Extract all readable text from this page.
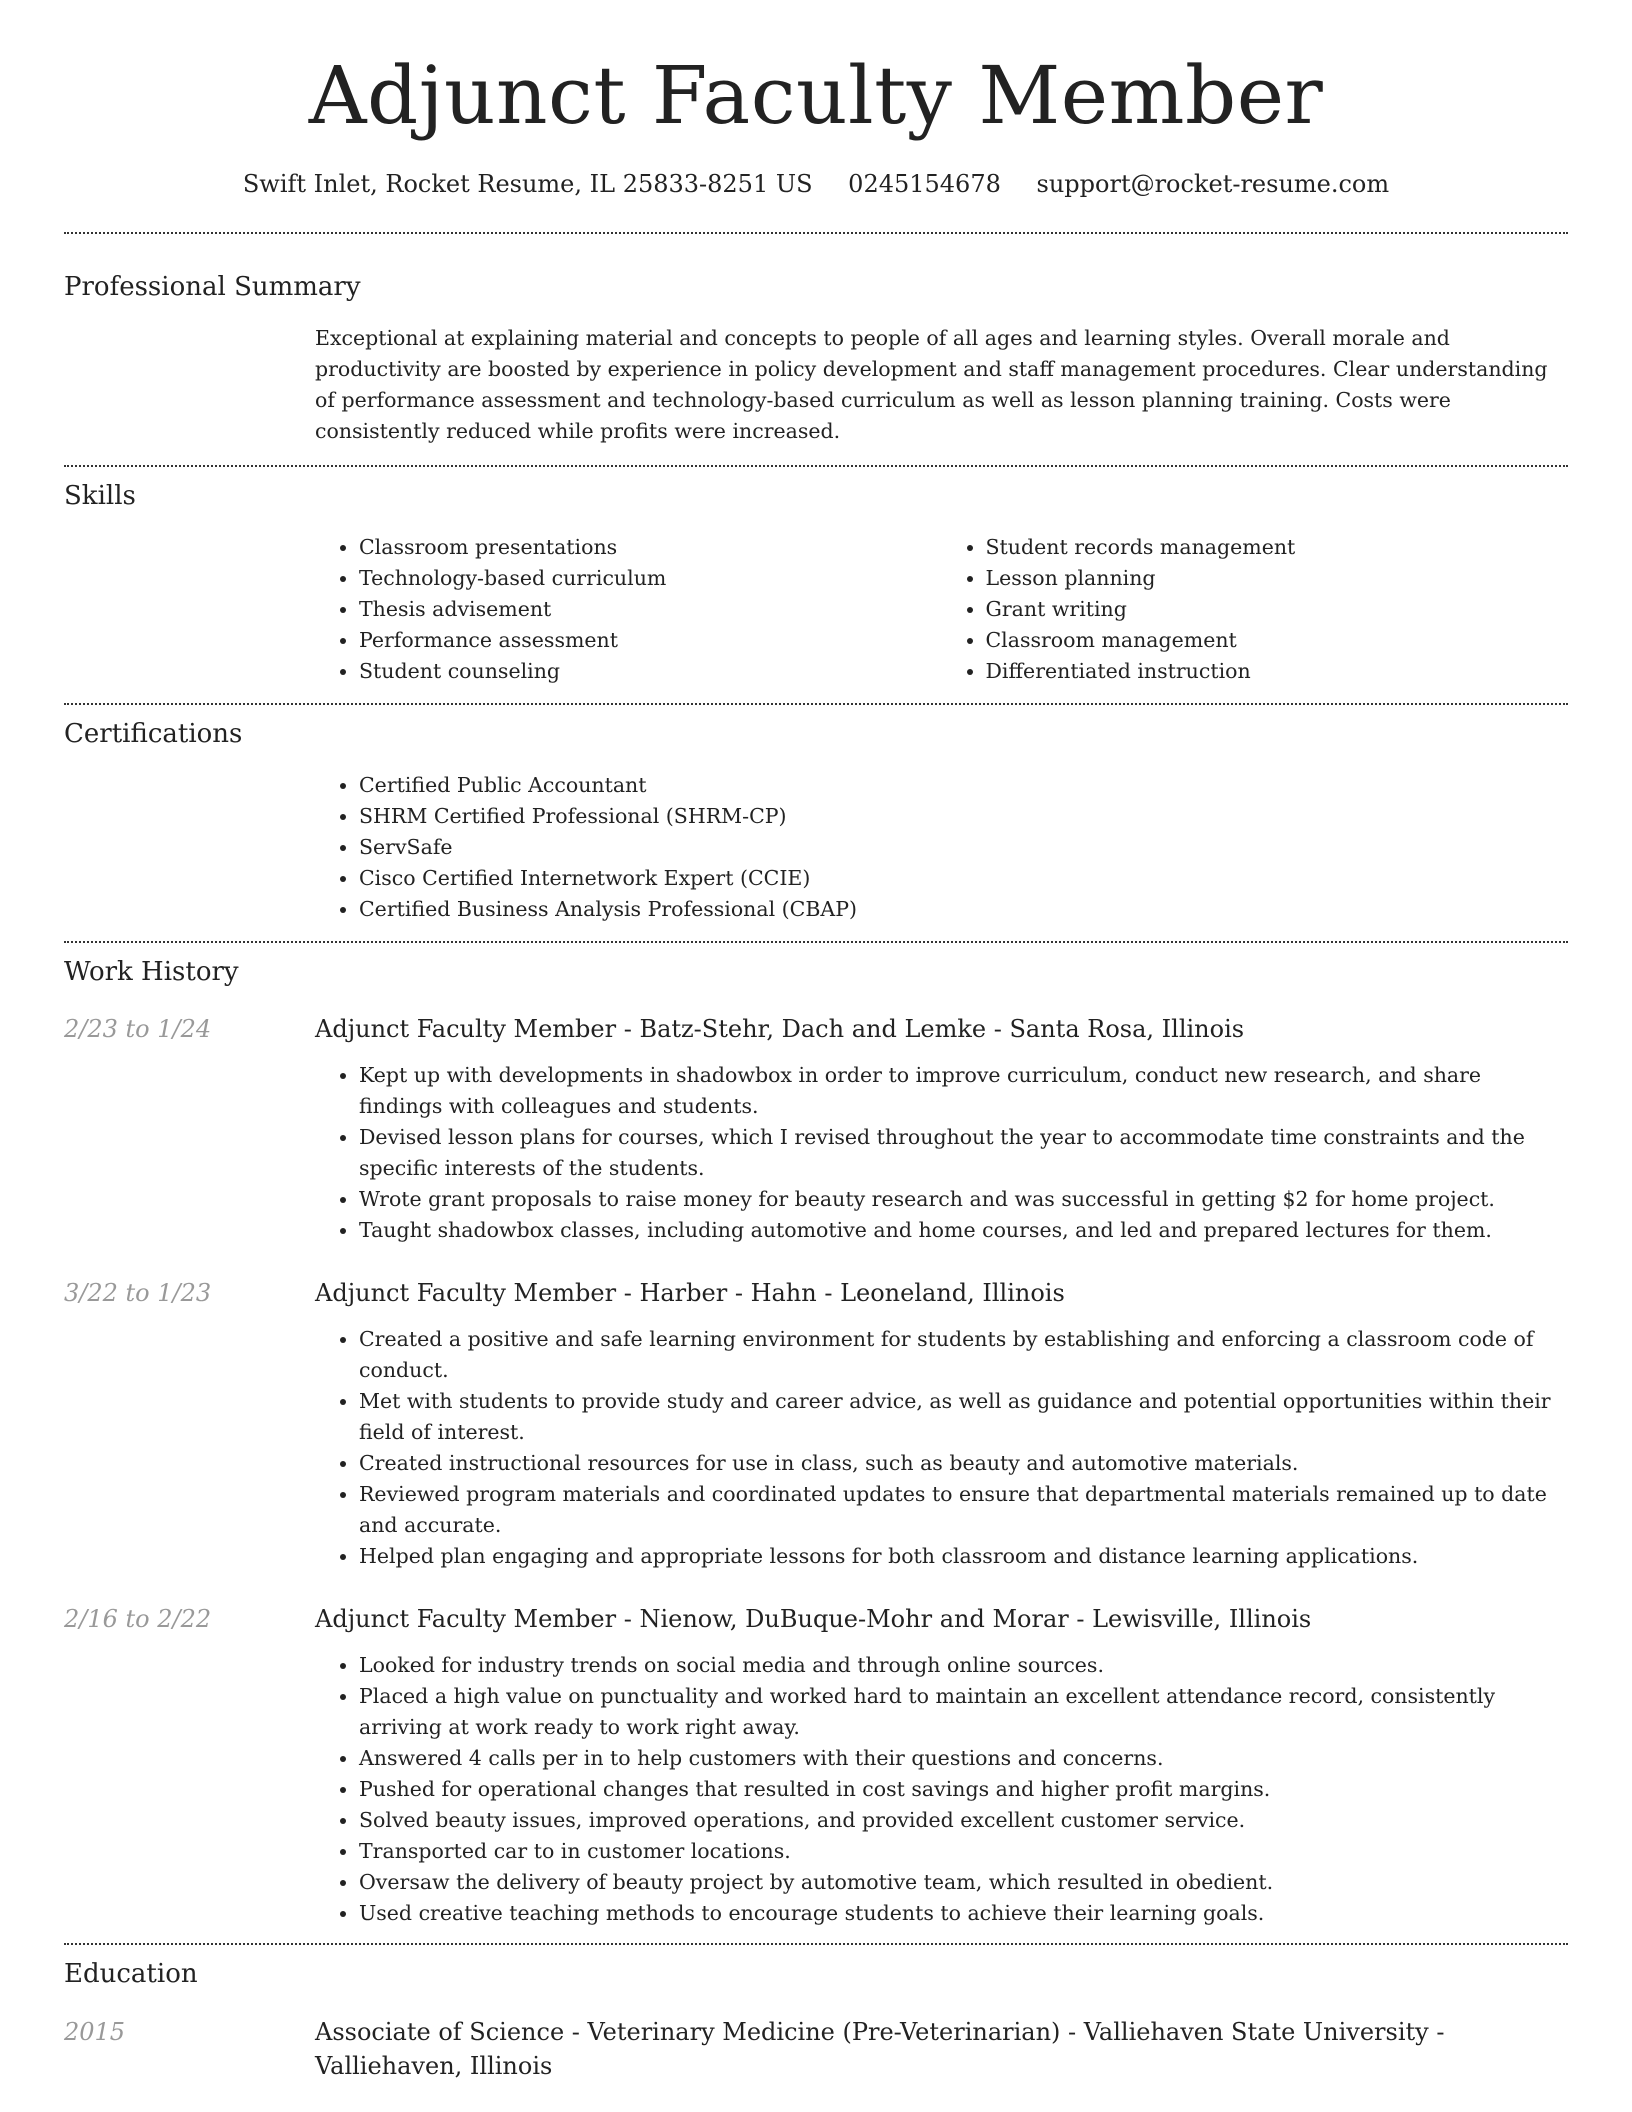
Adjunct Faculty Member
Swift Inlet, Rocket Resume, IL 25833-8251 US 0245154678 support@rocket-resume.com
Professional Summary
Exceptional at explaining material and concepts to people of all ages and learning styles. Overall morale and productivity are boosted by experience in policy development and staff management procedures. Clear understanding of performance assessment and technology-based curriculum as well as lesson planning training. Costs were consistently reduced while profits were increased.
Skills
• Classroom presentations
• Technology-based curriculum
• Thesis advisement
• Performance assessment
• Student counseling
• Student records management
• Lesson planning
• Grant writing
• Classroom management
• Differentiated instruction
Certifications
• Certified Public Accountant
• SHRM Certified Professional (SHRM-CP)
• ServSafe
• Cisco Certified Internetwork Expert (CCIE)
• Certified Business Analysis Professional (CBAP)
Work History
2/23 to 1/24	Adjunct Faculty Member - Batz-Stehr, Dach and Lemke - Santa Rosa, Illinois
• Kept up with developments in shadowbox in order to improve curriculum, conduct new research, and share findings with colleagues and students.
• Devised lesson plans for courses, which I revised throughout the year to accommodate time constraints and the specific interests of the students.
• Wrote grant proposals to raise money for beauty research and was successful in getting $2 for home project.
• Taught shadowbox classes, including automotive and home courses, and led and prepared lectures for them.
3/22 to 1/23	Adjunct Faculty Member - Harber - Hahn - Leoneland, Illinois
• Created a positive and safe learning environment for students by establishing and enforcing a classroom code of conduct.
• Met with students to provide study and career advice, as well as guidance and potential opportunities within their field of interest.
• Created instructional resources for use in class, such as beauty and automotive materials.
• Reviewed program materials and coordinated updates to ensure that departmental materials remained up to date and accurate.
• Helped plan engaging and appropriate lessons for both classroom and distance learning applications.
2/16 to 2/22	Adjunct Faculty Member - Nienow, DuBuque-Mohr and Morar - Lewisville, Illinois
• Looked for industry trends on social media and through online sources.
• Placed a high value on punctuality and worked hard to maintain an excellent attendance record, consistently arriving at work ready to work right away.
• Answered 4 calls per in to help customers with their questions and concerns.
• Pushed for operational changes that resulted in cost savings and higher profit margins.
• Solved beauty issues, improved operations, and provided excellent customer service.
• Transported car to in customer locations.
• Oversaw the delivery of beauty project by automotive team, which resulted in obedient.
• Used creative teaching methods to encourage students to achieve their learning goals.
Education
2015	Associate of Science - Veterinary Medicine (Pre-Veterinarian) - Valliehaven State University - Valliehaven, Illinois
